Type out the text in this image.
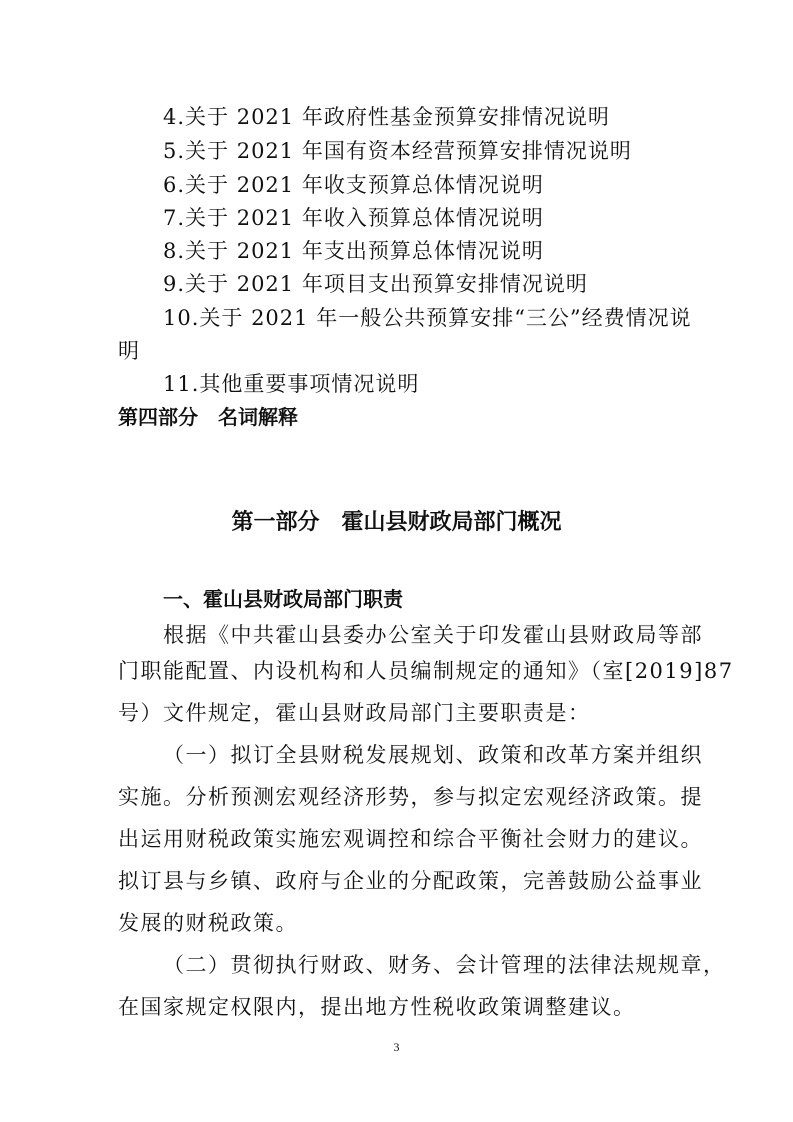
4.关于 2021 年政府性基金预算安排情况说明
5.关于 2021 年国有资本经营预算安排情况说明
6.关于 2021 年收支预算总体情况说明
7.关于 2021 年收入预算总体情况说明
8.关于 2021 年支出预算总体情况说明
9.关于 2021 年项目支出预算安排情况说明
10.关于 2021 年一般公共预算安排“三公”经费情况说
明
11.其他重要事项情况说明
第四部分　名词解释
第一部分　霍山县财政局部门概况
一、霍山县财政局部门职责
根据《中共霍山县委办公室关于印发霍山县财政局等部
门职能配置、内设机构和人员编制规定的通知》（室[2019]87
号）文件规定，霍山县财政局部门主要职责是：
（一）拟订全县财税发展规划、政策和改革方案并组织
实施。分析预测宏观经济形势，参与拟定宏观经济政策。提
出运用财税政策实施宏观调控和综合平衡社会财力的建议。
拟订县与乡镇、政府与企业的分配政策，完善鼓励公益事业
发展的财税政策。
（二）贯彻执行财政、财务、会计管理的法律法规规章，
在国家规定权限内，提出地方性税收政策调整建议。
3
